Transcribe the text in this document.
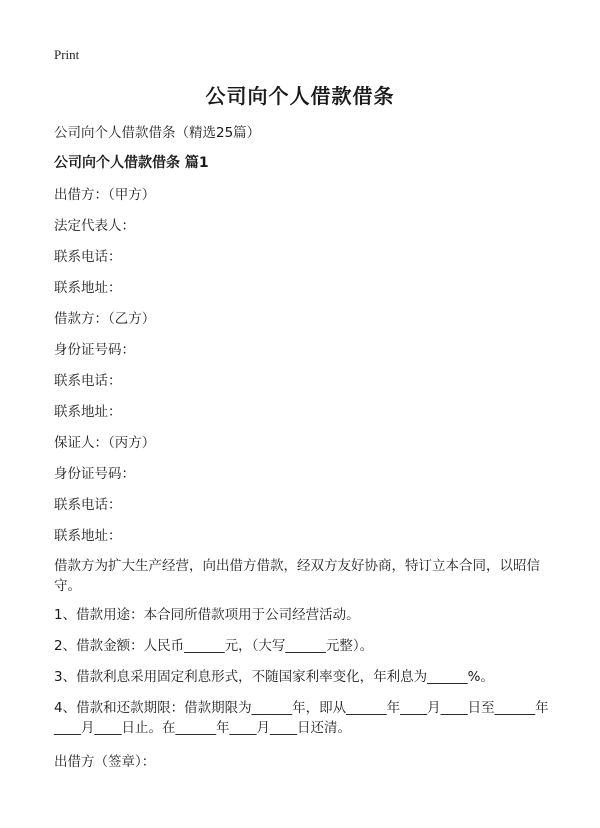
Print
公司向个人借款借条
公司向个人借款借条（精选25篇）
公司向个人借款借条 篇1
出借方：（甲方）
法定代表人：
联系电话：
联系地址：
借款方：（乙方）
身份证号码：
联系电话：
联系地址：
保证人：（丙方）
身份证号码：
联系电话：
联系地址：
借款方为扩大生产经营，向出借方借款，经双方友好协商，特订立本合同，以昭信守。
1、借款用途：本合同所借款项用于公司经营活动。
2、借款金额：人民币______元，（大写______元整）。
3、借款利息采用固定利息形式，不随国家利率变化，年利息为______%。
4、借款和还款期限：借款期限为______年，即从______年____月____日至______年____月____日止。在______年____月____日还清。
出借方（签章）：
